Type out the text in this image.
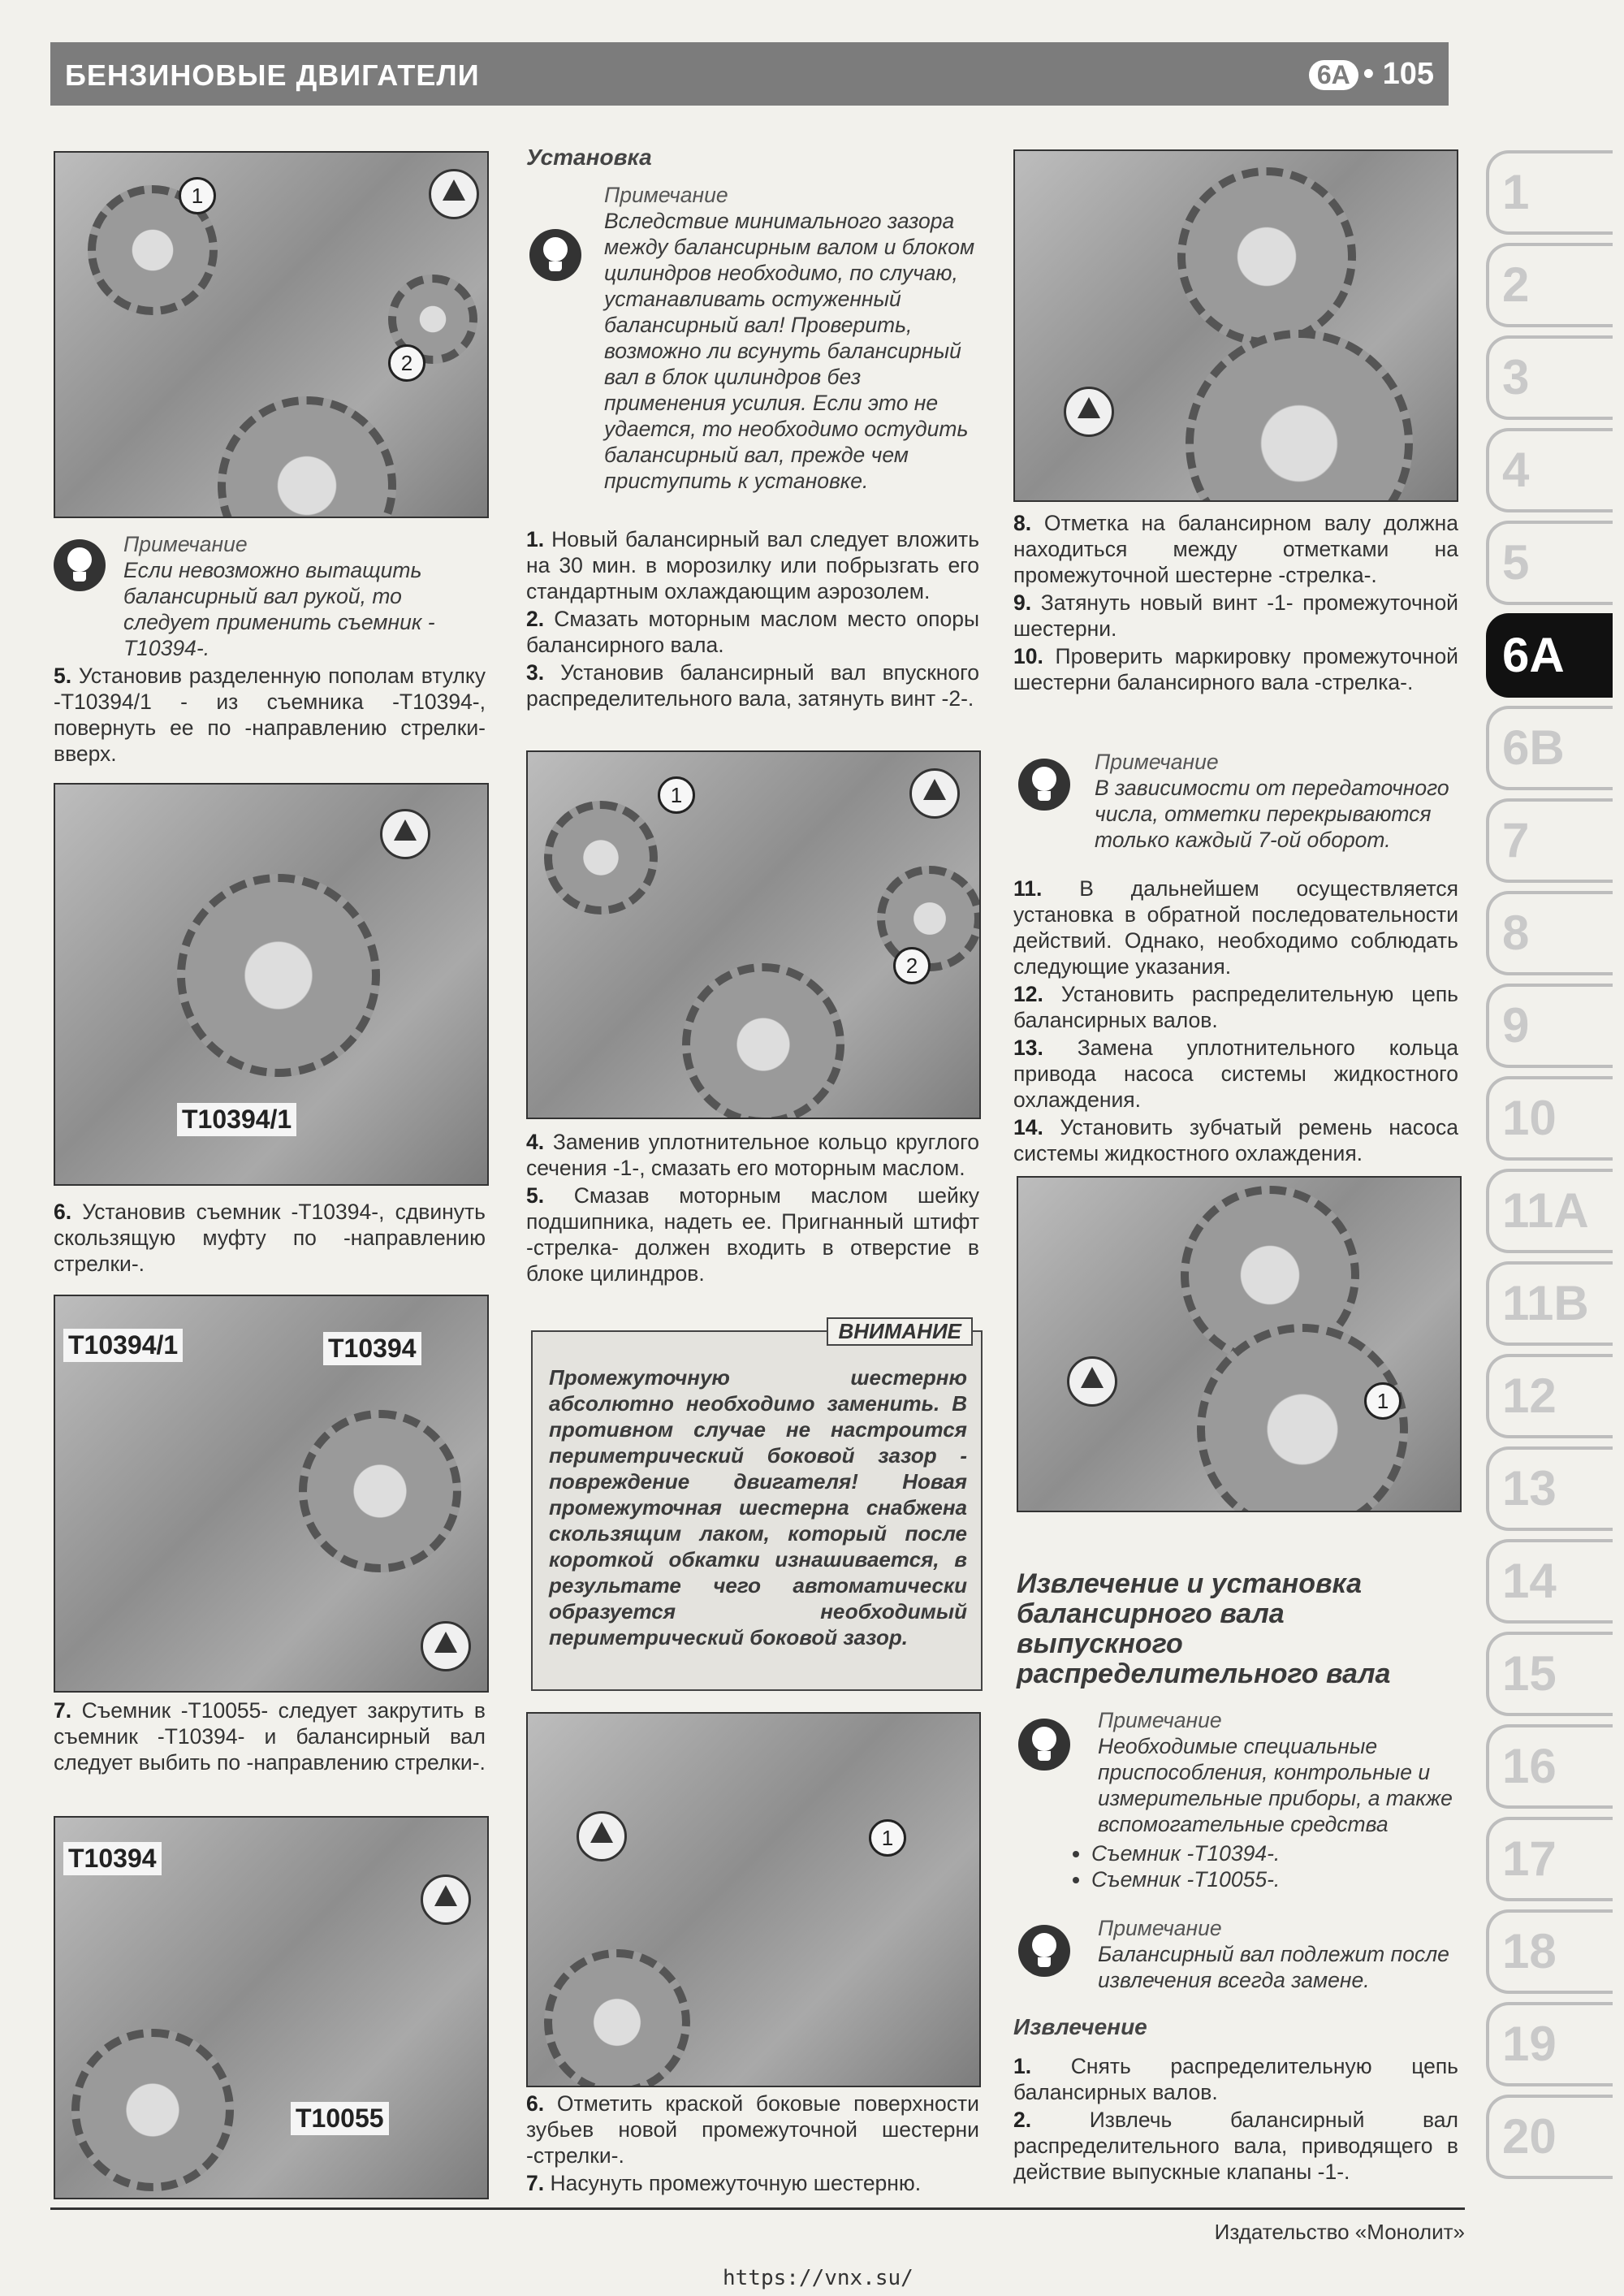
БЕНЗИНОВЫЕ ДВИГАТЕЛИ	6A • 105
1
2
Примечание
Если невозможно вытащить балансирный вал рукой, то следует применить съемник -T10394-.

5. Установив разделенную пополам втулку -T10394/1 - из съемника -T10394-, повернуть ее по -направлению стрелки- вверх.

T10394/1

6. Установив съемник -T10394-, сдвинуть скользящую муфту по -направлению стрелки-.

T10394/1	T10394

7. Съемник -T10055- следует закрутить в съемник -T10394- и балансирный вал следует выбить по -направлению стрелки-.

T10394
T10055
Установка
Примечание
Вследствие минимального зазора между балансирным валом и блоком цилиндров необходимо, по случаю, устанавливать остуженный балансирный вал! Проверить, возможно ли всунуть балансирный вал в блок цилиндров без применения усилия. Если это не удается, то необходимо остудить балансирный вал, прежде чем приступить к установке.

1. Новый балансирный вал следует вложить на 30 мин. в морозилку или побрызгать его стандартным охлаждающим аэрозолем.

2. Смазать моторным маслом место опоры балансирного вала.

3. Установив балансирный вал впускного распределительного вала, затянуть винт -2-.

1
2

4. Заменив уплотнительное кольцо круглого сечения -1-, смазать его моторным маслом.

5. Смазав моторным маслом шейку подшипника, надеть ее. Пригнанный штифт -стрелка- должен входить в отверстие в блоке цилиндров.

ВНИМАНИЕ
Промежуточную шестерню абсолютно необходимо заменить. В противном случае не настроится периметрический боковой зазор - повреждение двигателя! Новая промежуточная шестерна снабжена скользящим лаком, который после короткой обкатки изнашивается, в результате чего автоматически образуется необходимый периметрический боковой зазор.
1

6. Отметить краской боковые поверхности зубьев новой промежуточной шестерни -стрелки-.

7. Насунуть промежуточную шестерню.

8. Отметка на балансирном валу должна находиться между отметками на промежуточной шестерне -стрелка-.

9. Затянуть новый винт -1- промежуточной шестерни.

10. Проверить маркировку промежуточной шестерни балансирного вала -стрелка-.

Примечание
В зависимости от передаточного числа, отметки перекрываются только каждый 7-ой оборот.

11. В дальнейшем осуществляется установка в обратной последовательности действий. Однако, необходимо соблюдать следующие указания.

12. Установить распределительную цепь балансирных валов.

13. Замена уплотнительного кольца привода насоса системы жидкостного охлаждения.

14. Установить зубчатый ремень насоса системы жидкостного охлаждения.

1
Извлечение и установка балансирного вала выпускного распределительного вала
Примечание
Необходимые специальные приспособления, контрольные и измерительные приборы, а также вспомогательные средства
• Съемник -T10394-.
• Съемник -T10055-.
Примечание
Балансирный вал подлежит после извлечения всегда замене.
Извлечение

1. Снять распределительную цепь балансирных валов.

2.	Извлечь балансирный вал распределительного вала, приводящего в действие выпускные клапаны -1-.

1
2
3
4
5
6A
6B
7
8
9
10
11A
11B
12
13
14
15
16
17
18
19
20
Издательство «Монолит»
https://vnx.su/
